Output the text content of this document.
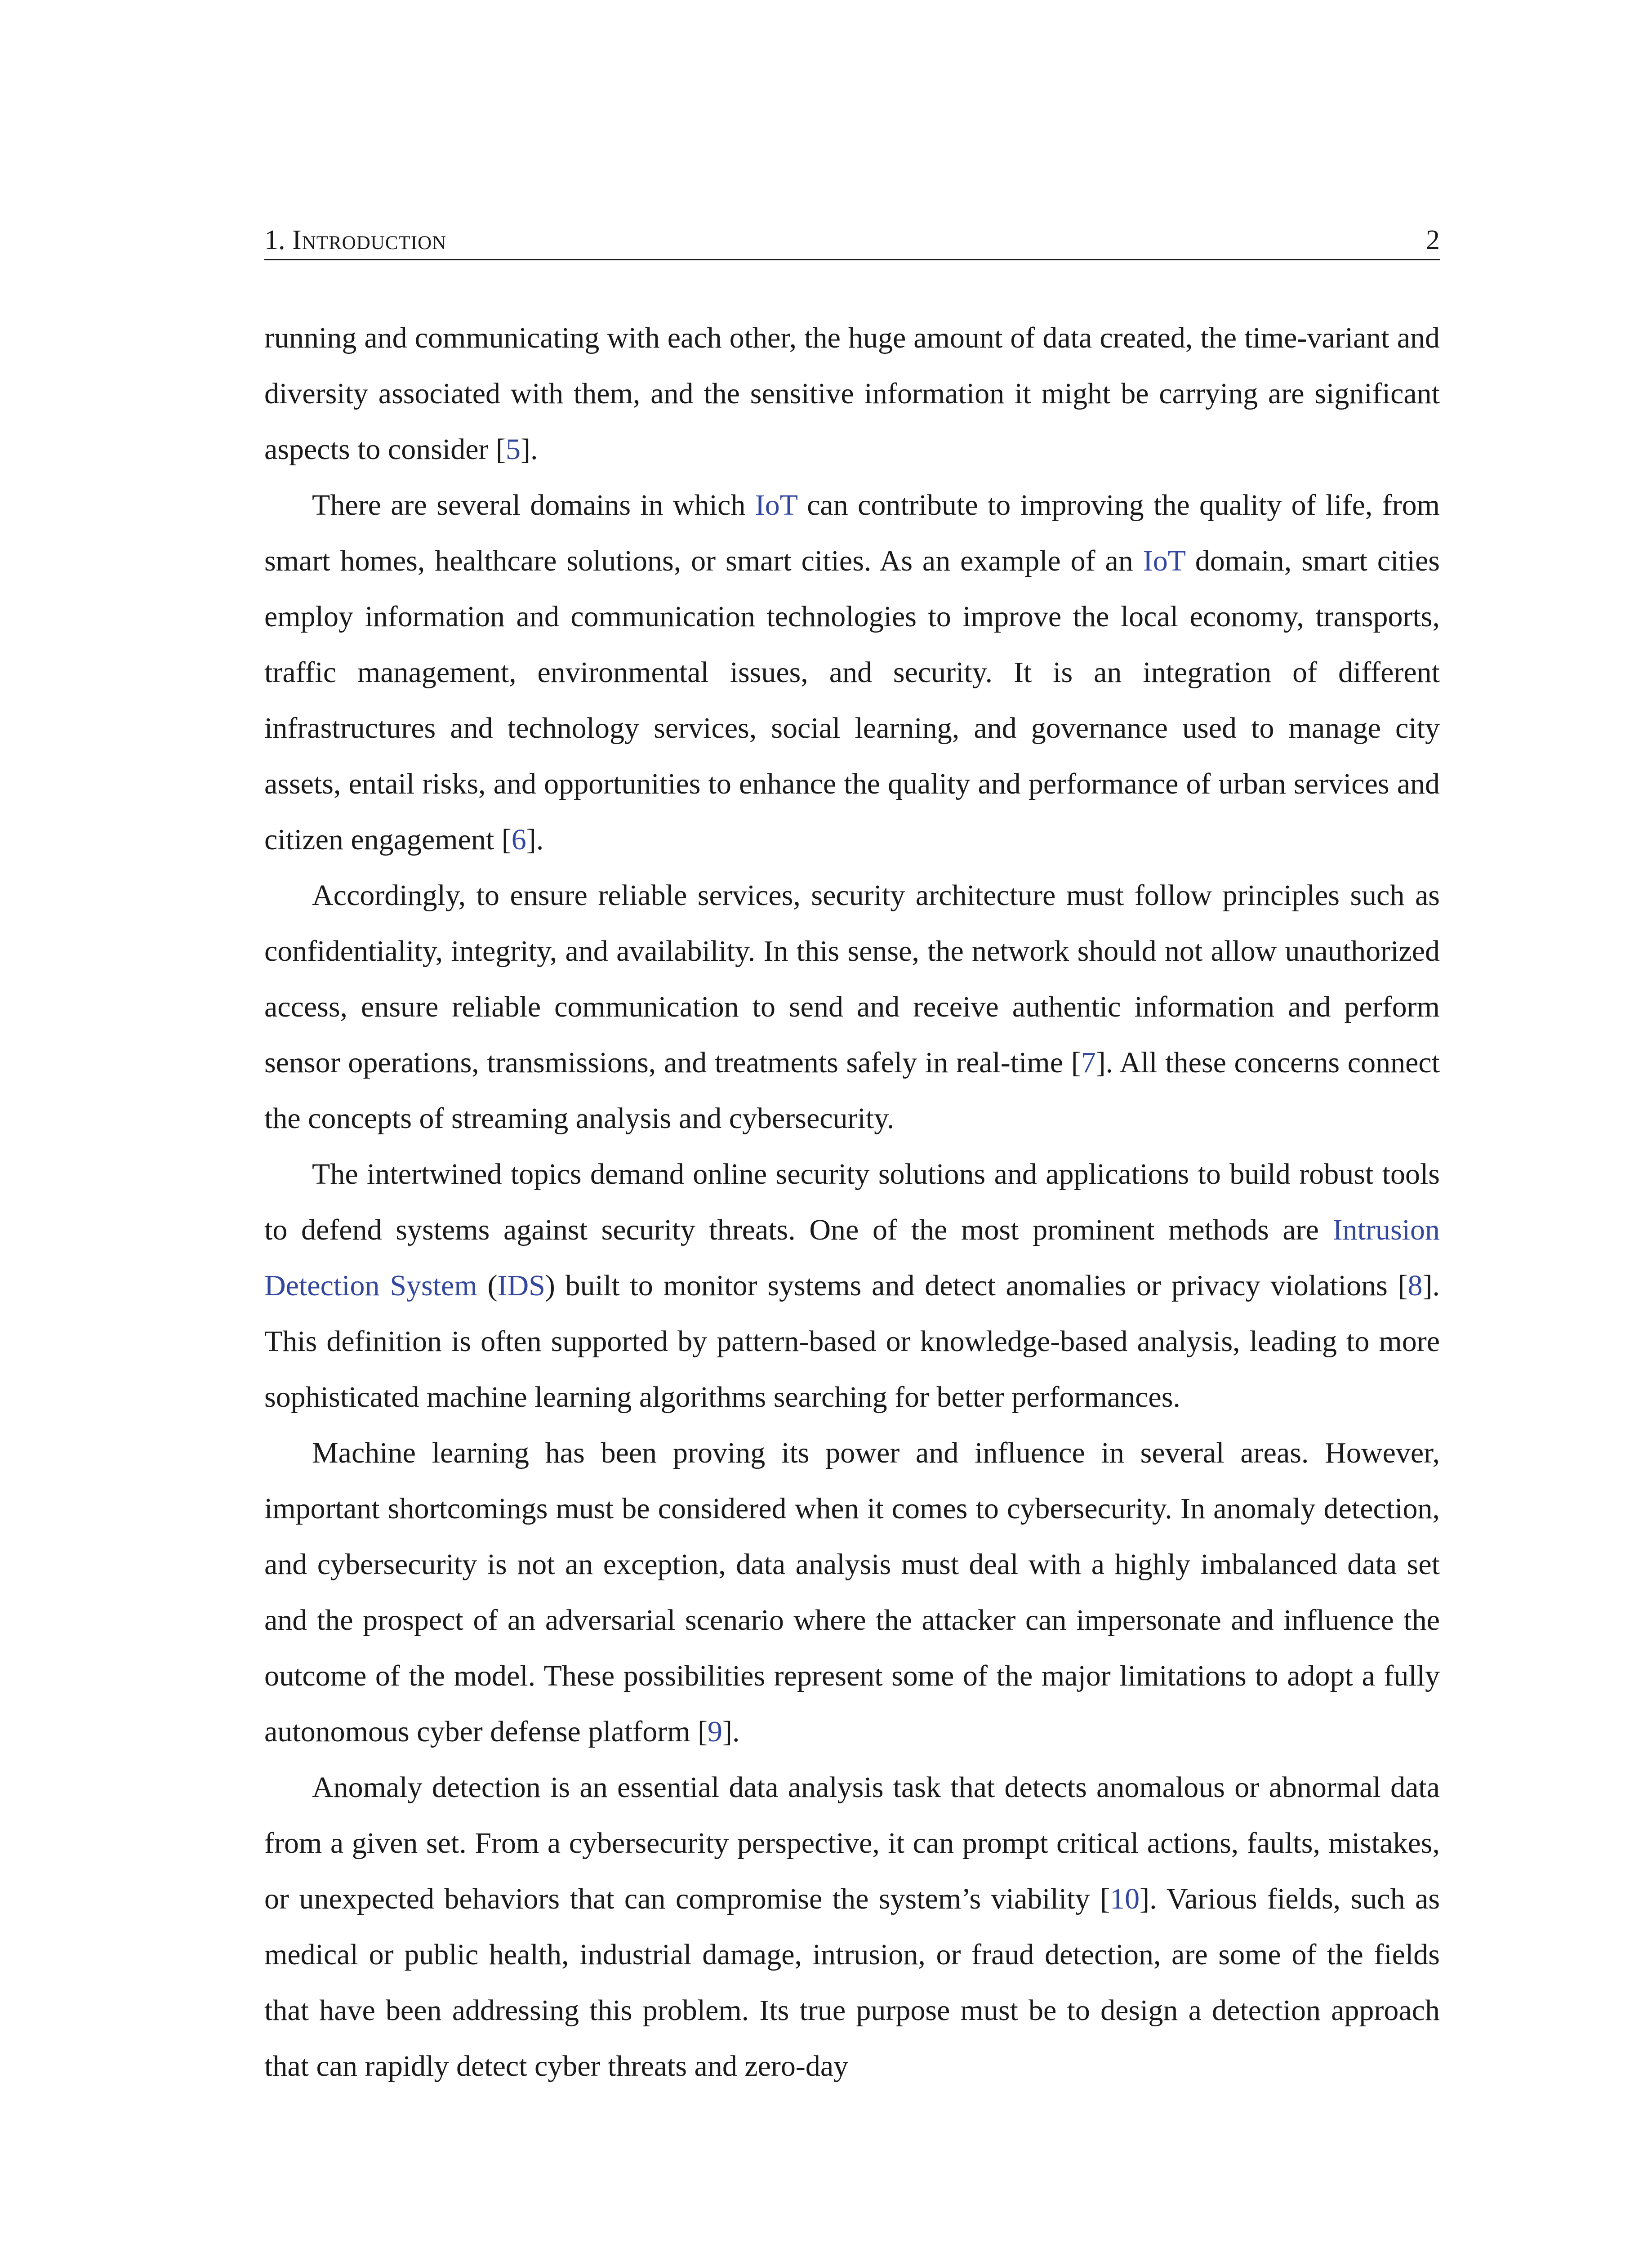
1. Introduction	2

running and communicating with each other, the huge amount of data created, the time-variant and diversity associated with them, and the sensitive information it might be carrying are significant aspects to consider [5].

There are several domains in which IoT can contribute to improving the quality of life, from smart homes, healthcare solutions, or smart cities. As an example of an IoT domain, smart cities employ information and communication technologies to improve the local economy, transports, traffic management, environmental issues, and security. It is an integration of different infrastructures and technology services, social learning, and governance used to manage city assets, entail risks, and opportunities to enhance the quality and performance of urban services and citizen engagement [6].

Accordingly, to ensure reliable services, security architecture must follow principles such as confidentiality, integrity, and availability. In this sense, the network should not allow unauthorized access, ensure reliable communication to send and receive authentic information and perform sensor operations, transmissions, and treatments safely in real-time [7]. All these concerns connect the concepts of streaming analysis and cybersecurity.

The intertwined topics demand online security solutions and applications to build robust tools to defend systems against security threats. One of the most prominent methods are Intrusion Detection System (IDS) built to monitor systems and detect anomalies or privacy violations [8]. This definition is often supported by pattern-based or knowledge-based analysis, leading to more sophisticated machine learning algorithms searching for better performances.

Machine learning has been proving its power and influence in several areas. However, important shortcomings must be considered when it comes to cybersecurity. In anomaly detection, and cybersecurity is not an exception, data analysis must deal with a highly imbalanced data set and the prospect of an adversarial scenario where the attacker can impersonate and influence the outcome of the model. These possibilities represent some of the major limitations to adopt a fully autonomous cyber defense platform [9].

Anomaly detection is an essential data analysis task that detects anomalous or abnormal data from a given set. From a cybersecurity perspective, it can prompt critical actions, faults, mistakes, or unexpected behaviors that can compromise the system’s viability [10]. Various fields, such as medical or public health, industrial damage, intrusion, or fraud detection, are some of the fields that have been addressing this problem. Its true purpose must be to design a detection approach that can rapidly detect cyber threats and zero-day
